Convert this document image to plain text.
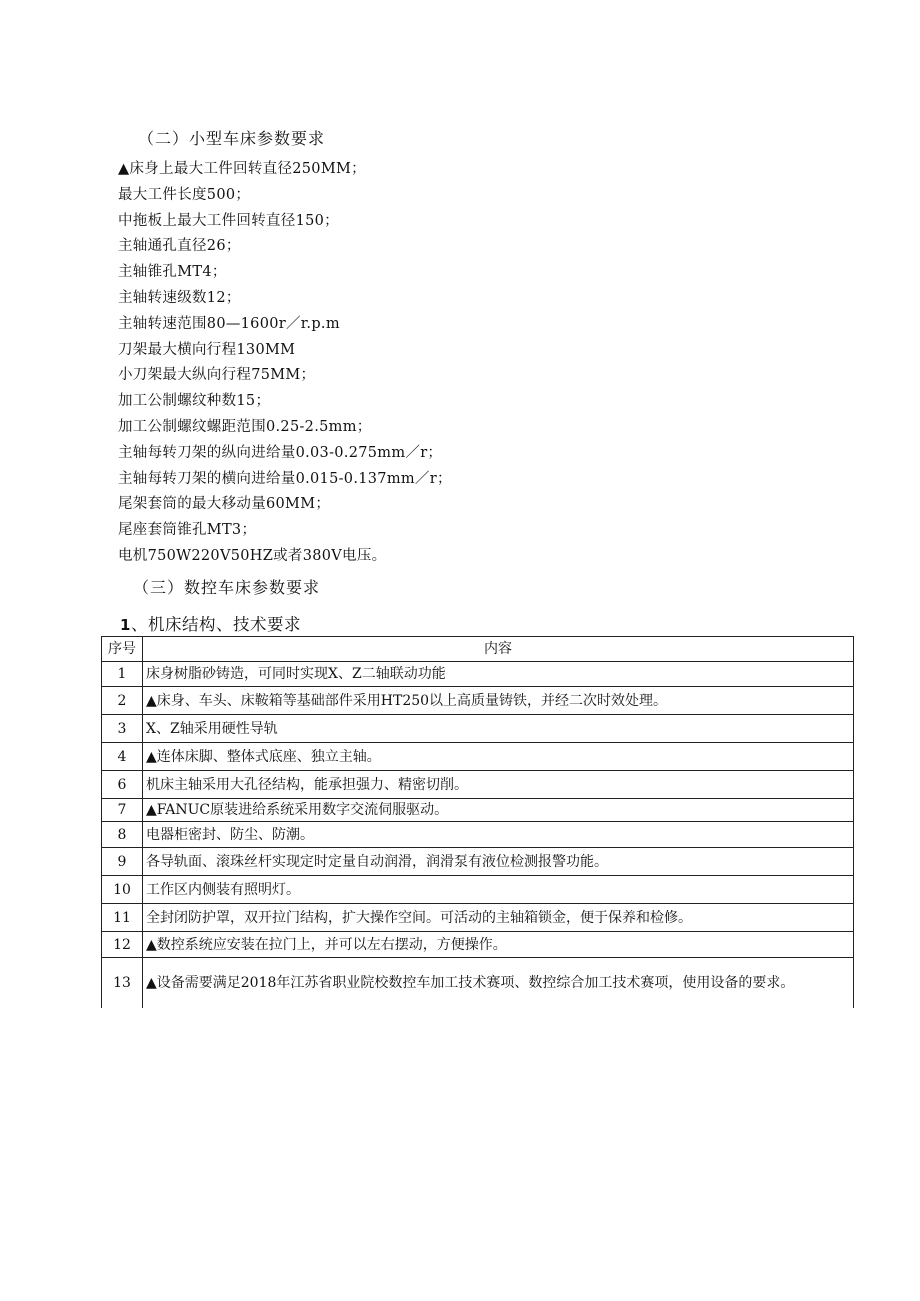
（二）小型车床参数要求
▲床身上最大工件回转直径250MM；
最大工件长度500；
中拖板上最大工件回转直径150；
主轴通孔直径26；
主轴锥孔MT4；
主轴转速级数12；
主轴转速范围80—1600r／r.p.m
刀架最大横向行程130MM
小刀架最大纵向行程75MM；
加工公制螺纹种数15；
加工公制螺纹螺距范围0.25-2.5mm；
主轴每转刀架的纵向进给量0.03-0.275mm／r；
主轴每转刀架的横向进给量0.015-0.137mm／r；
尾架套筒的最大移动量60MM；
尾座套筒锥孔MT3；
电机750W220V50HZ或者380V电压。
（三）数控车床参数要求
1、机床结构、技术要求
序号	内容
1	床身树脂砂铸造，可同时实现X、Z二轴联动功能
2	▲床身、车头、床鞍箱等基础部件采用HT250以上高质量铸铁，并经二次时效处理。
3	X、Z轴采用硬性导轨
4	▲连体床脚、整体式底座、独立主轴。
6	机床主轴采用大孔径结构，能承担强力、精密切削。
7	▲FANUC原装进给系统采用数字交流伺服驱动。
8	电器柜密封、防尘、防潮。
9	各导轨面、滚珠丝杆实现定时定量自动润滑，润滑泵有液位检测报警功能。
10	工作区内侧装有照明灯。
11	全封闭防护罩，双开拉门结构，扩大操作空间。可活动的主轴箱锁金，便于保养和检修。
12	▲数控系统应安装在拉门上，并可以左右摆动，方便操作。
13	▲设备需要满足2018年江苏省职业院校数控车加工技术赛项、数控综合加工技术赛项，使用设备的要求。
